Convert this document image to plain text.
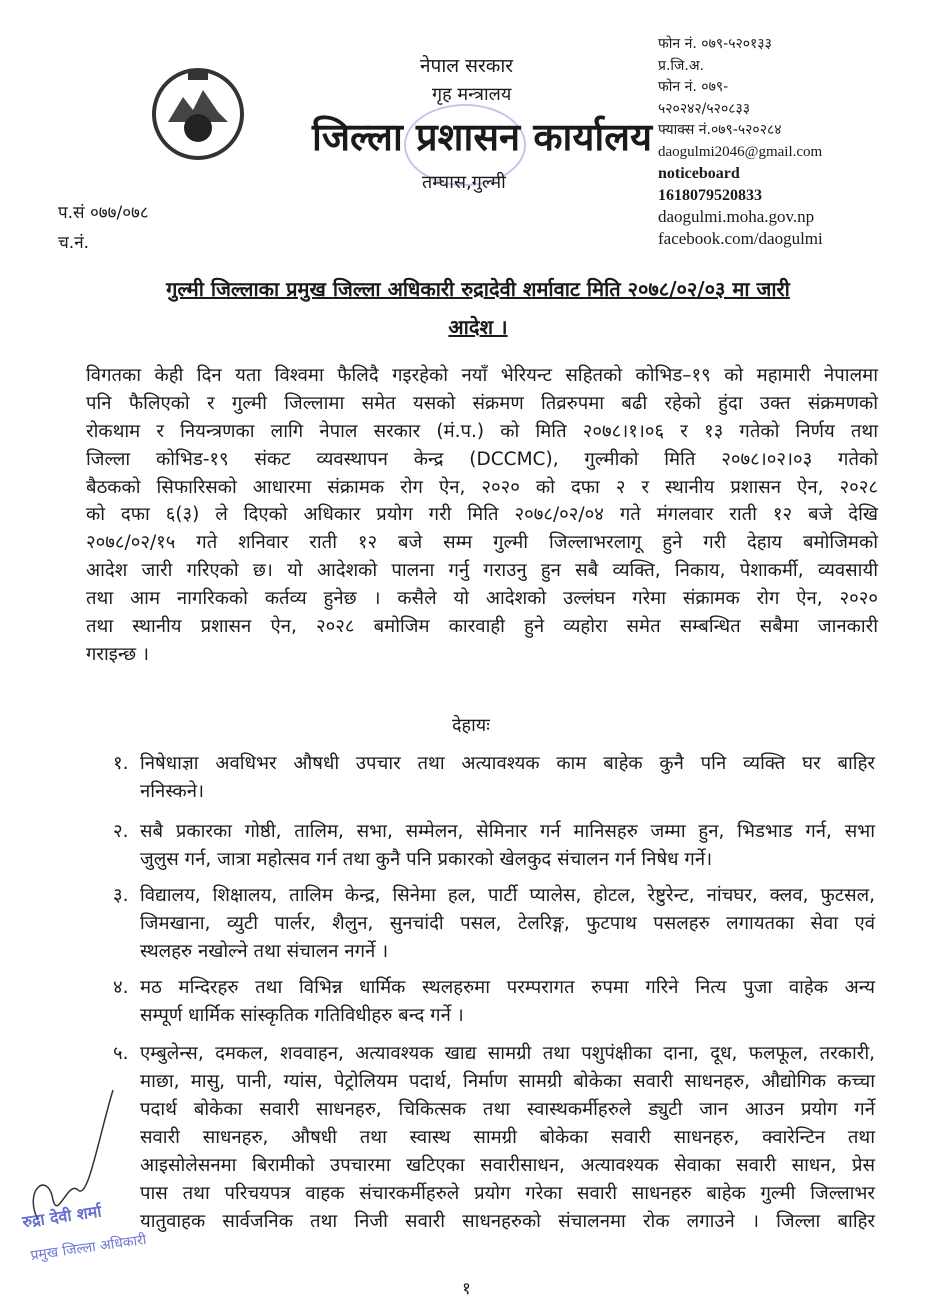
नेपाल सरकार
गृह मन्त्रालय
जिल्ला प्रशासन कार्यालय
तम्घास,गुल्मी
फोन नं. ०७९-५२०१३३
प्र.जि.अ.
फोन नं. ०७९-
५२०२४२/५२०८३३
फ्याक्स नं.०७९-५२०२८४
daogulmi2046@gmail.com
noticeboard
1618079520833
daogulmi.moha.gov.np
facebook.com/daogulmi
प.सं ०७७/०७८
च.नं.
गुल्मी जिल्लाका प्रमुख जिल्ला अधिकारी रुद्रादेवी शर्मावाट मिति २०७८/०२/०३ मा जारी
आदेश ।
विगतका केही दिन यता विश्वमा फैलिदै गइरहेको नयाँ भेरियन्ट सहितको कोभिड–१९ को महामारी नेपालमा
पनि फैलिएको र गुल्मी जिल्लामा समेत यसको संक्रमण तिव्ररुपमा बढी रहेको हुंदा उक्त संक्रमणको
रोकथाम र नियन्त्रणका लागि नेपाल सरकार (मं.प.) को मिति २०७८।१।०६ र १३ गतेको निर्णय तथा
जिल्ला कोभिड-१९ संकट व्यवस्थापन केन्द्र (DCCMC), गुल्मीको मिति २०७८।०२।०३ गतेको
बैठकको सिफारिसको आधारमा संक्रामक रोग ऐन, २०२० को दफा २ र स्थानीय प्रशासन ऐन, २०२८
को दफा ६(३) ले दिएको अधिकार प्रयोग गरी मिति २०७८/०२/०४ गते मंगलवार राती १२ बजे देखि
२०७८/०२/१५ गते शनिवार राती १२ बजे सम्म गुल्मी जिल्लाभरलागू हुने गरी देहाय बमोजिमको
आदेश जारी गरिएको छ। यो आदेशको पालना गर्नु गराउनु हुन सबै व्यक्ति, निकाय, पेशाकर्मी, व्यवसायी
तथा आम नागरिकको कर्तव्य हुनेछ । कसैले यो आदेशको उल्लंघन गरेमा संक्रामक रोग ऐन, २०२०
तथा स्थानीय प्रशासन ऐन, २०२८ बमोजिम कारवाही हुने व्यहोरा समेत सम्बन्धित सबैमा जानकारी
गराइन्छ ।
देहायः
१. निषेधाज्ञा अवधिभर औषधी उपचार तथा अत्यावश्यक काम बाहेक कुनै पनि व्यक्ति घर बाहिर
ननिस्कने।
२. सबै प्रकारका गोष्ठी, तालिम, सभा, सम्मेलन, सेमिनार गर्न मानिसहरु जम्मा हुन, भिडभाड गर्न, सभा
जुलुस गर्न, जात्रा महोत्सव गर्न तथा कुनै पनि प्रकारको खेलकुद संचालन गर्न निषेध गर्ने।
३. विद्यालय, शिक्षालय, तालिम केन्द्र, सिनेमा हल, पार्टी प्यालेस, होटल, रेष्टुरेन्ट, नांचघर, क्लव, फुटसल,
जिमखाना, व्युटी पार्लर, शैलुन, सुनचांदी पसल, टेलरिङ्ग, फुटपाथ पसलहरु लगायतका सेवा एवं
स्थलहरु नखोल्ने तथा संचालन नगर्ने ।
४. मठ मन्दिरहरु तथा विभिन्न धार्मिक स्थलहरुमा परम्परागत रुपमा गरिने नित्य पुजा वाहेक अन्य
सम्पूर्ण धार्मिक सांस्कृतिक गतिविधीहरु बन्द गर्ने ।
५. एम्बुलेन्स, दमकल, शववाहन, अत्यावश्यक खाद्य सामग्री तथा पशुपंक्षीका दाना, दूध, फलफूल, तरकारी,
माछा, मासु, पानी, ग्यांस, पेट्रोलियम पदार्थ, निर्माण सामग्री बोकेका सवारी साधनहरु, औद्योगिक कच्चा
पदार्थ बोकेका सवारी साधनहरु, चिकित्सक तथा स्वास्थकर्मीहरुले ड्युटी जान आउन प्रयोग गर्ने
सवारी साधनहरु, औषधी तथा स्वास्थ सामग्री बोकेका सवारी साधनहरु, क्वारेन्टिन तथा
आइसोलेसनमा बिरामीको उपचारमा खटिएका सवारीसाधन, अत्यावश्यक सेवाका सवारी साधन, प्रेस
पास तथा परिचयपत्र वाहक संचारकर्मीहरुले प्रयोग गरेका सवारी साधनहरु बाहेक गुल्मी जिल्लाभर
यातुवाहक सार्वजनिक तथा निजी सवारी साधनहरुको संचालनमा रोक लगाउने । जिल्ला बाहिर
रुद्रा देवी शर्मा
प्रमुख जिल्ला अधिकारी
१
